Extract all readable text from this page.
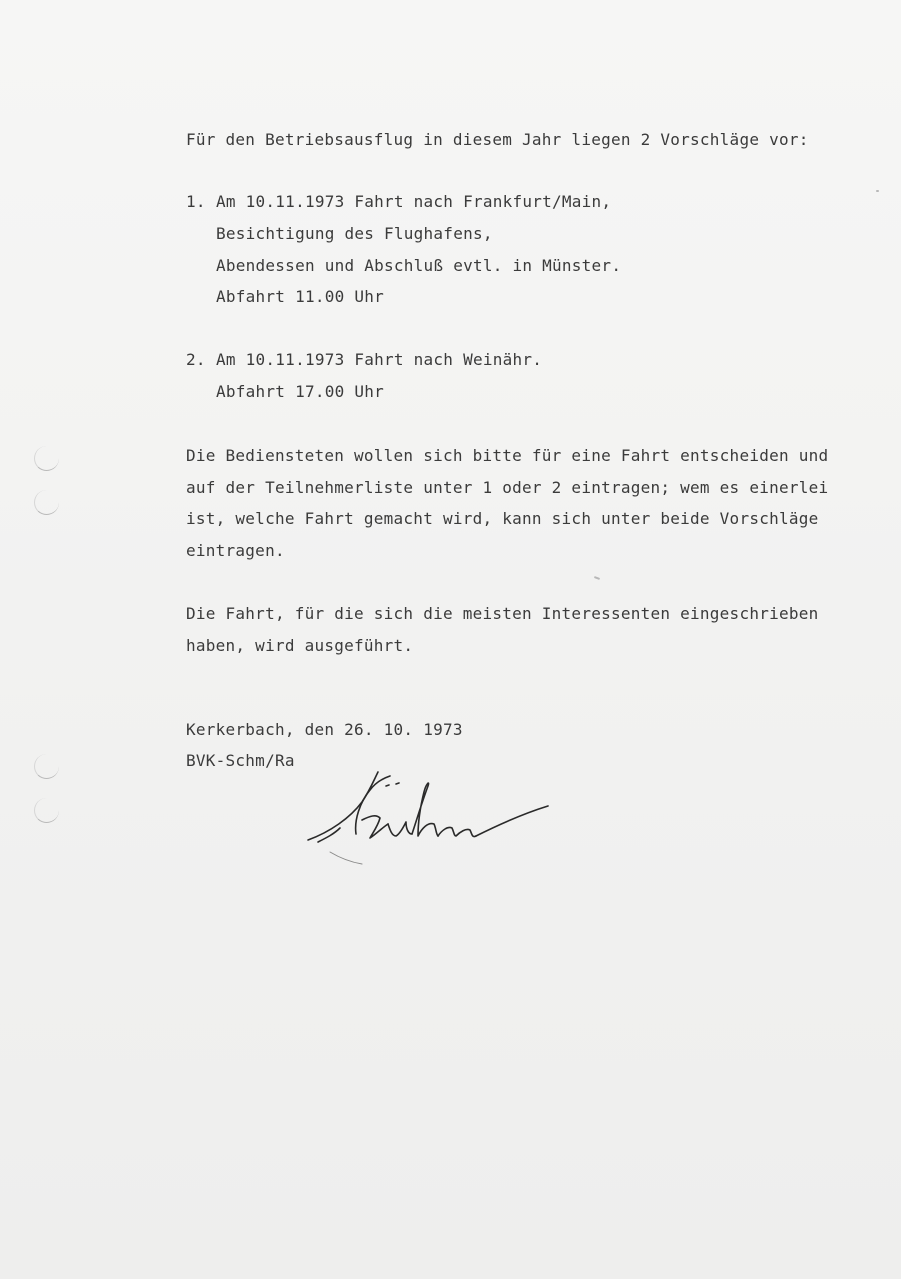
Für den Betriebsausflug in diesem Jahr liegen 2 Vorschläge vor:
1. Am 10.11.1973 Fahrt nach Frankfurt/Main,
Besichtigung des Flughafens,
Abendessen und Abschluß evtl. in Münster.
Abfahrt 11.00 Uhr
2. Am 10.11.1973 Fahrt nach Weinähr.
Abfahrt 17.00 Uhr
Die Bediensteten wollen sich bitte für eine Fahrt entscheiden und
auf der Teilnehmerliste unter 1 oder 2 eintragen; wem es einerlei
ist, welche Fahrt gemacht wird, kann sich unter beide Vorschläge
eintragen.
Die Fahrt, für die sich die meisten Interessenten eingeschrieben
haben, wird ausgeführt.
Kerkerbach, den 26. 10. 1973
BVK-Schm/Ra
